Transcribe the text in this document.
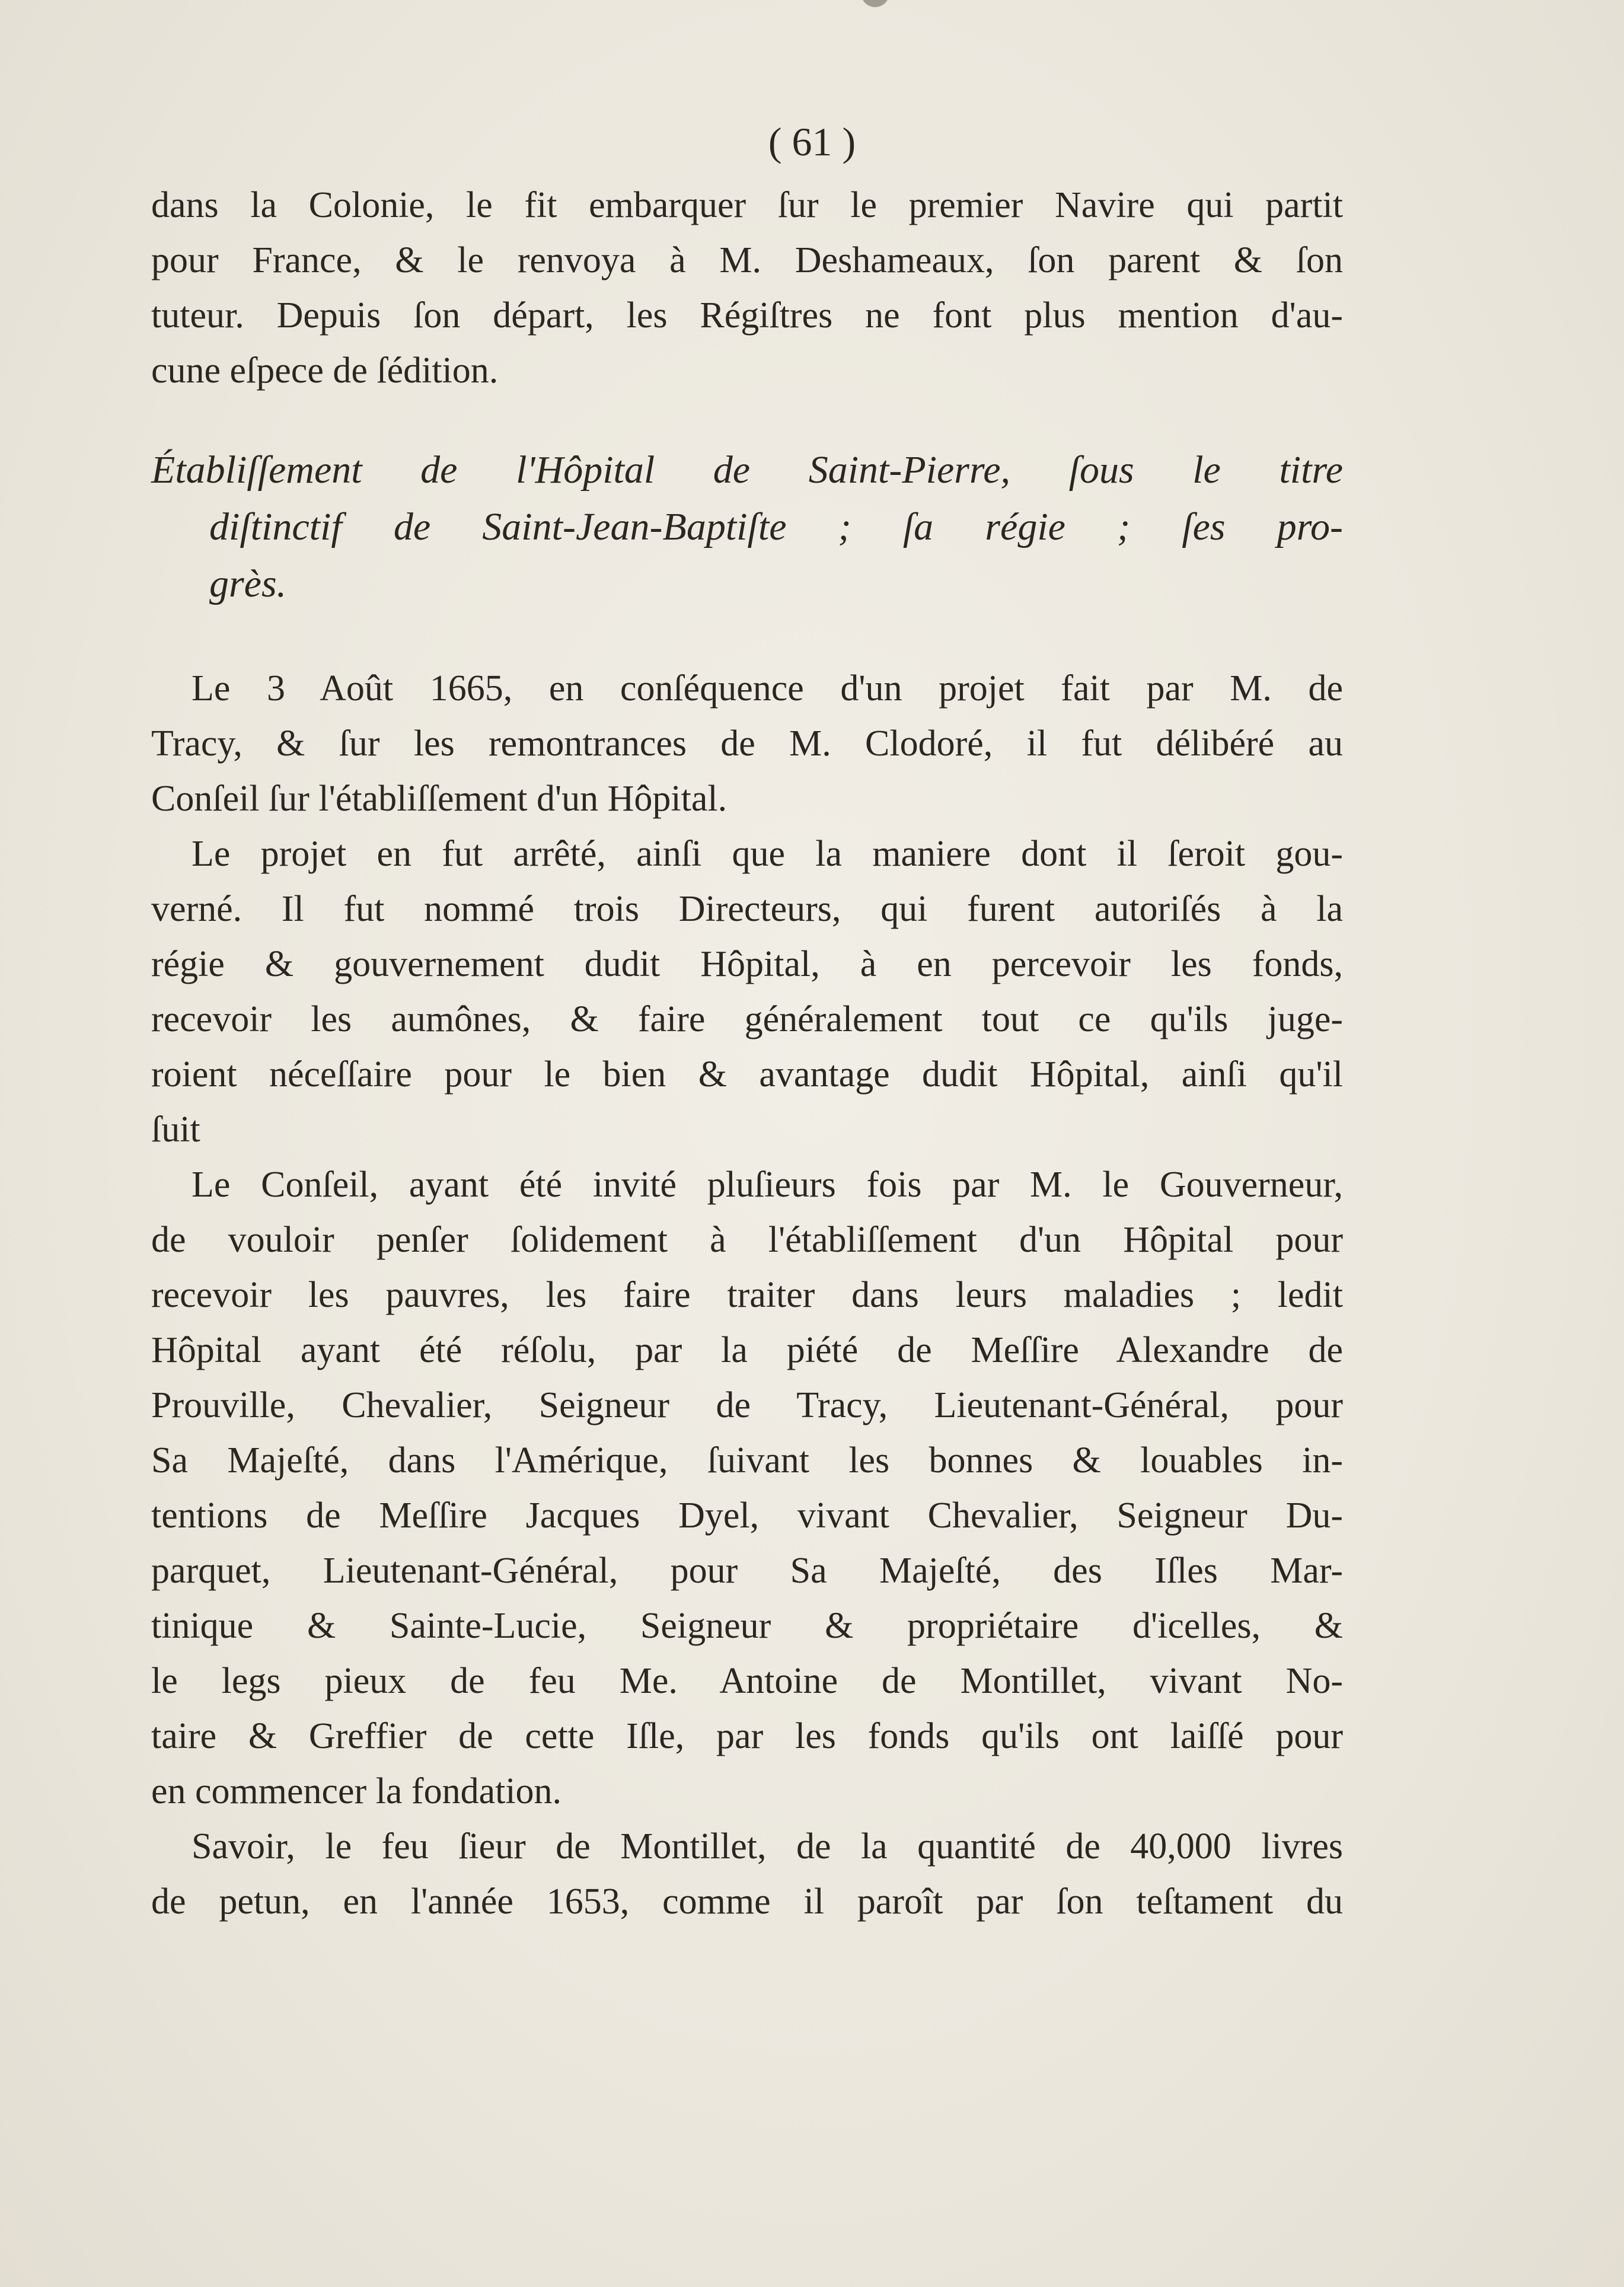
( 61 )
dans la Colonie, le fit embarquer ſur le premier Navire qui partit
pour France, & le renvoya à M. Deshameaux, ſon parent & ſon
tuteur. Depuis ſon départ, les Régiſtres ne font plus mention d'au-
cune eſpece de ſédition.
Établiſſement de l'Hôpital de Saint-Pierre, ſous le titre
diſtinctif de Saint-Jean-Baptiſte ; ſa régie ; ſes pro-
grès.
Le 3 Août 1665, en conſéquence d'un projet fait par M. de
Tracy, & ſur les remontrances de M. Clodoré, il fut délibéré au
Conſeil ſur l'établiſſement d'un Hôpital.
Le projet en fut arrêté, ainſi que la maniere dont il ſeroit gou-
verné. Il fut nommé trois Directeurs, qui furent autoriſés à la
régie & gouvernement dudit Hôpital, à en percevoir les fonds,
recevoir les aumônes, & faire généralement tout ce qu'ils juge-
roient néceſſaire pour le bien & avantage dudit Hôpital, ainſi qu'il
ſuit
Le Conſeil, ayant été invité pluſieurs fois par M. le Gouverneur,
de vouloir penſer ſolidement à l'établiſſement d'un Hôpital pour
recevoir les pauvres, les faire traiter dans leurs maladies ; ledit
Hôpital ayant été réſolu, par la piété de Meſſire Alexandre de
Prouville, Chevalier, Seigneur de Tracy, Lieutenant-Général, pour
Sa Majeſté, dans l'Amérique, ſuivant les bonnes & louables in-
tentions de Meſſire Jacques Dyel, vivant Chevalier, Seigneur Du-
parquet, Lieutenant-Général, pour Sa Majeſté, des Iſles Mar-
tinique & Sainte-Lucie, Seigneur & propriétaire d'icelles, &
le legs pieux de feu Me. Antoine de Montillet, vivant No-
taire & Greffier de cette Iſle, par les fonds qu'ils ont laiſſé pour
en commencer la fondation.
Savoir, le feu ſieur de Montillet, de la quantité de 40,000 livres
de petun, en l'année 1653, comme il paroît par ſon teſtament du
